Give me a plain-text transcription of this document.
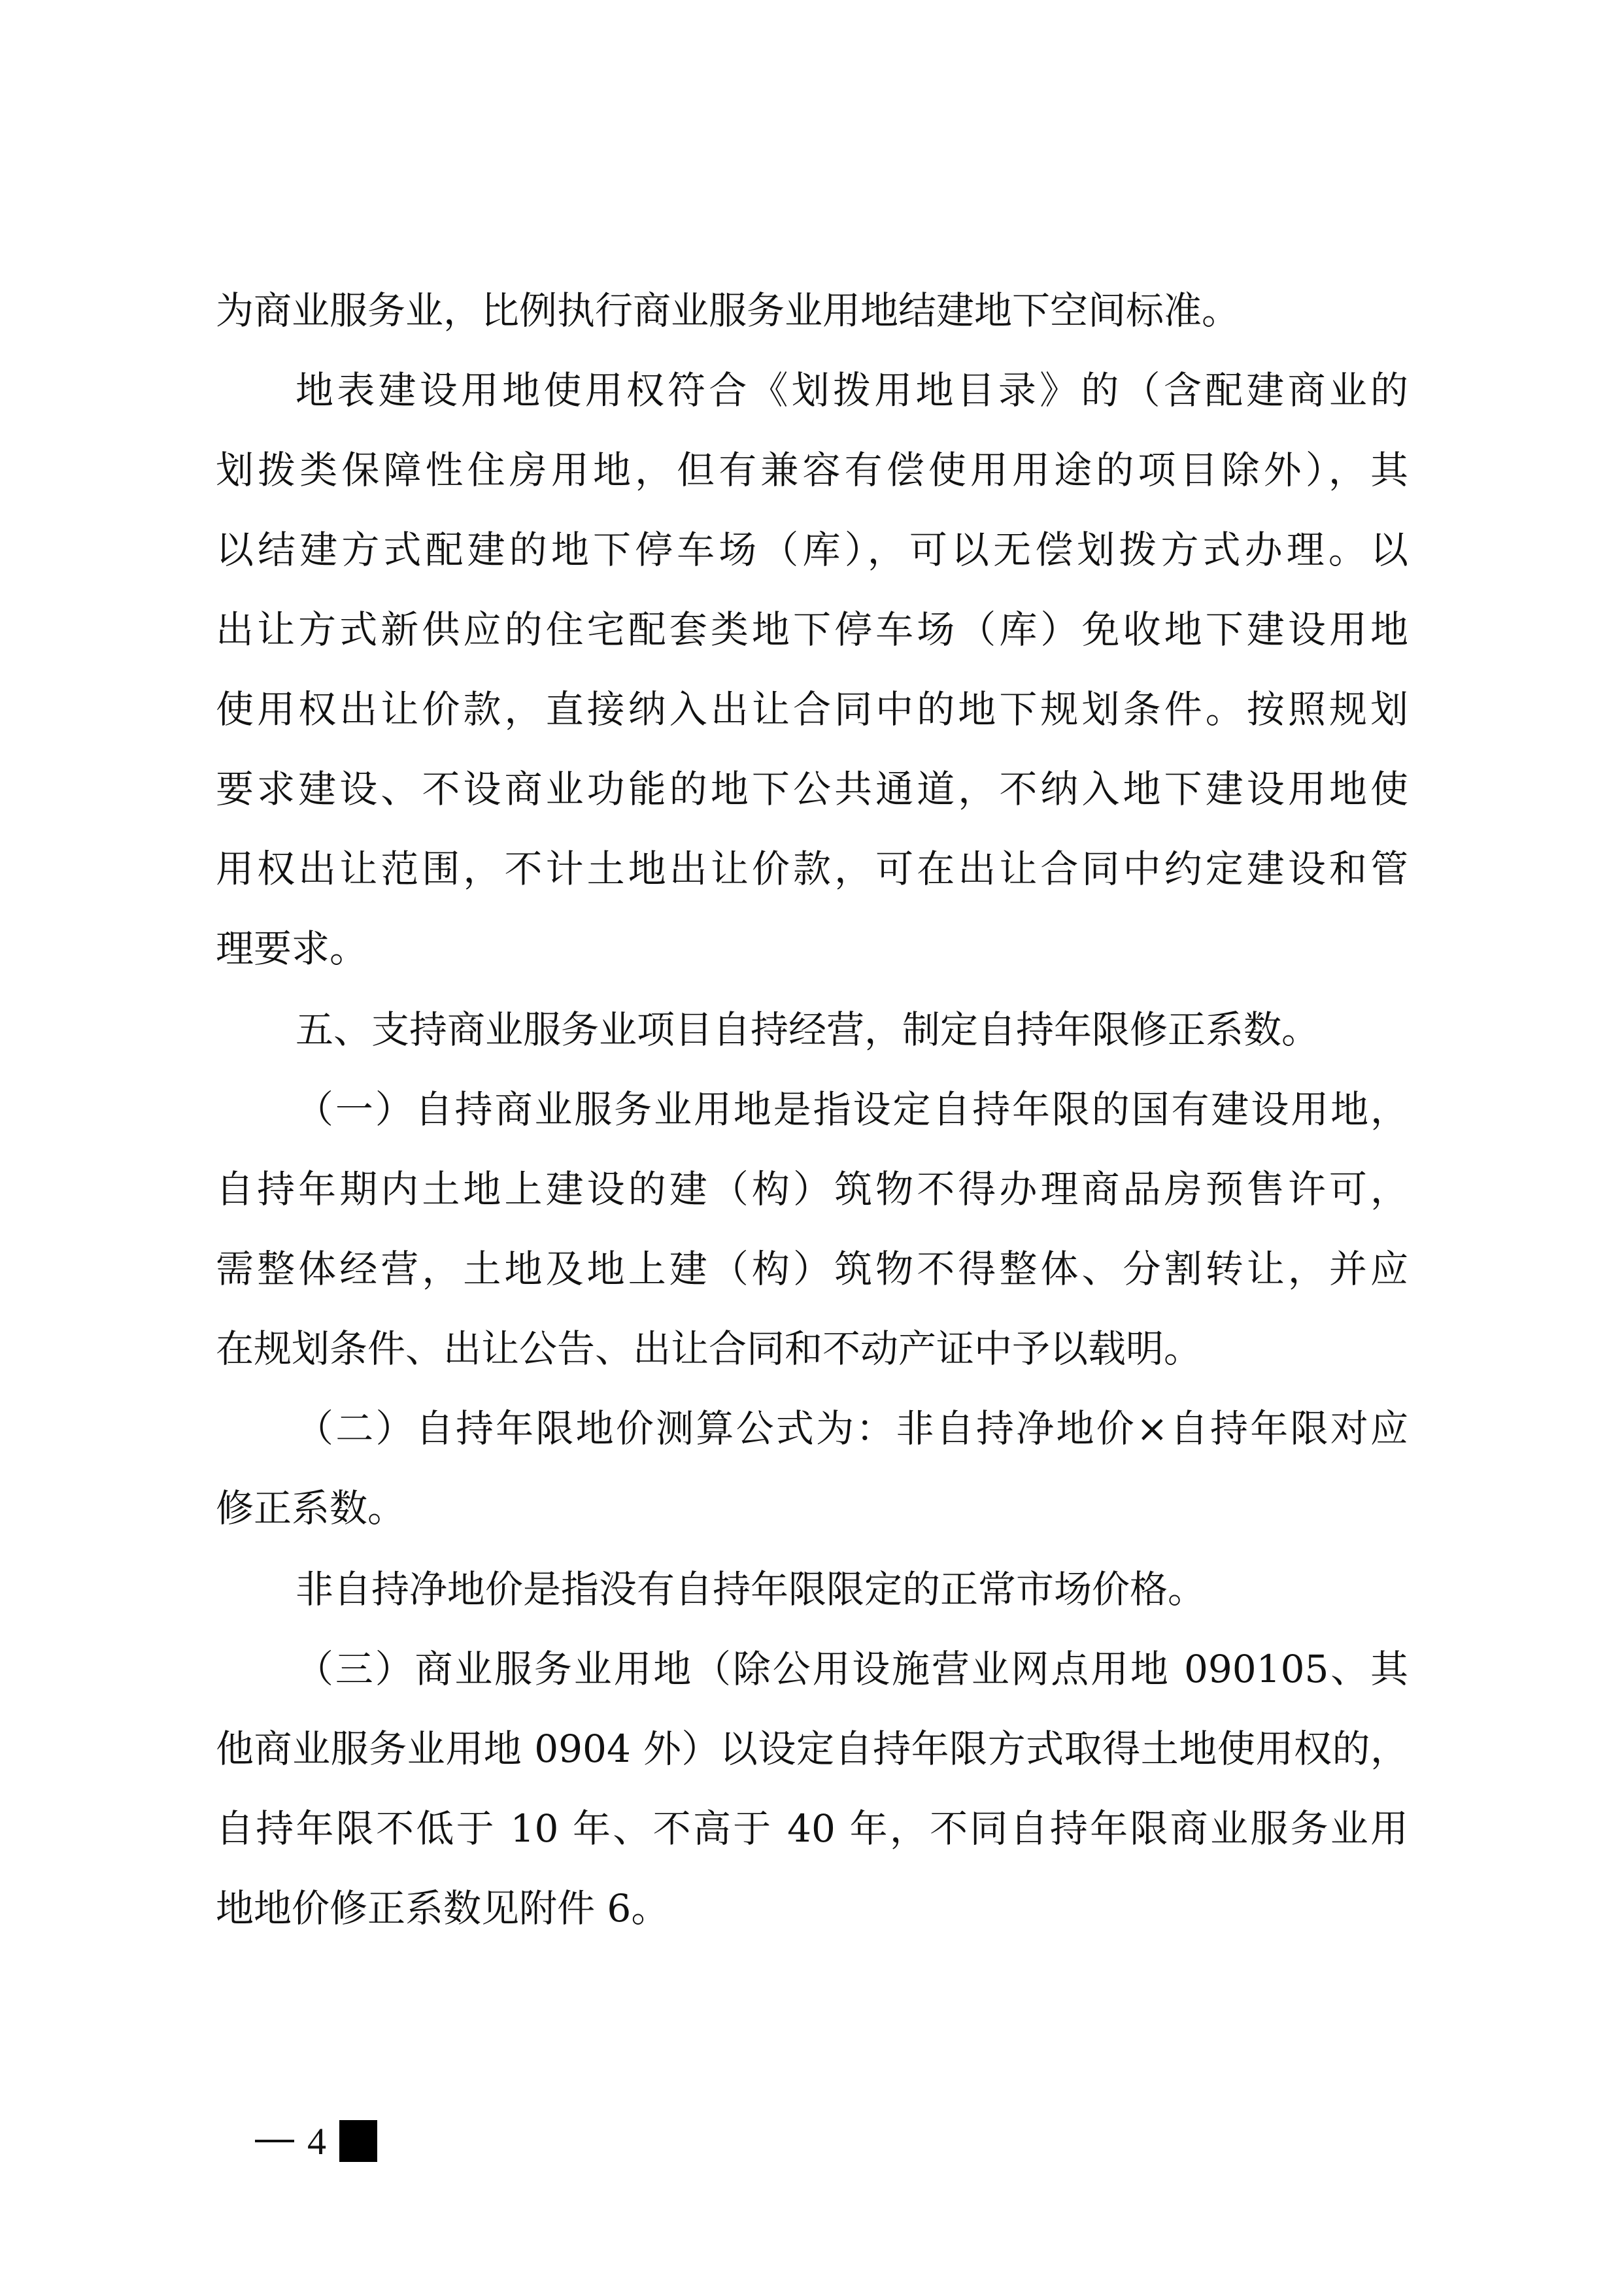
为商业服务业，比例执行商业服务业用地结建地下空间标准。

地表建设用地使用权符合《划拨用地目录》的（含配建商业的

划拨类保障性住房用地，但有兼容有偿使用用途的项目除外），其

以结建方式配建的地下停车场（库），可以无偿划拨方式办理。以

出让方式新供应的住宅配套类地下停车场（库）免收地下建设用地

使用权出让价款，直接纳入出让合同中的地下规划条件。按照规划

要求建设、不设商业功能的地下公共通道，不纳入地下建设用地使

用权出让范围，不计土地出让价款，可在出让合同中约定建设和管

理要求。

五、支持商业服务业项目自持经营，制定自持年限修正系数。

（一）自持商业服务业用地是指设定自持年限的国有建设用地，

自持年期内土地上建设的建（构）筑物不得办理商品房预售许可，

需整体经营，土地及地上建（构）筑物不得整体、分割转让，并应

在规划条件、出让公告、出让合同和不动产证中予以载明。

（二）自持年限地价测算公式为：非自持净地价×自持年限对应

修正系数。

非自持净地价是指没有自持年限限定的正常市场价格。

（三）商业服务业用地（除公用设施营业网点用地 090105、其

他商业服务业用地 0904 外）以设定自持年限方式取得土地使用权的，

自持年限不低于 10 年、不高于 40 年，不同自持年限商业服务业用

地地价修正系数见附件 6。

4
